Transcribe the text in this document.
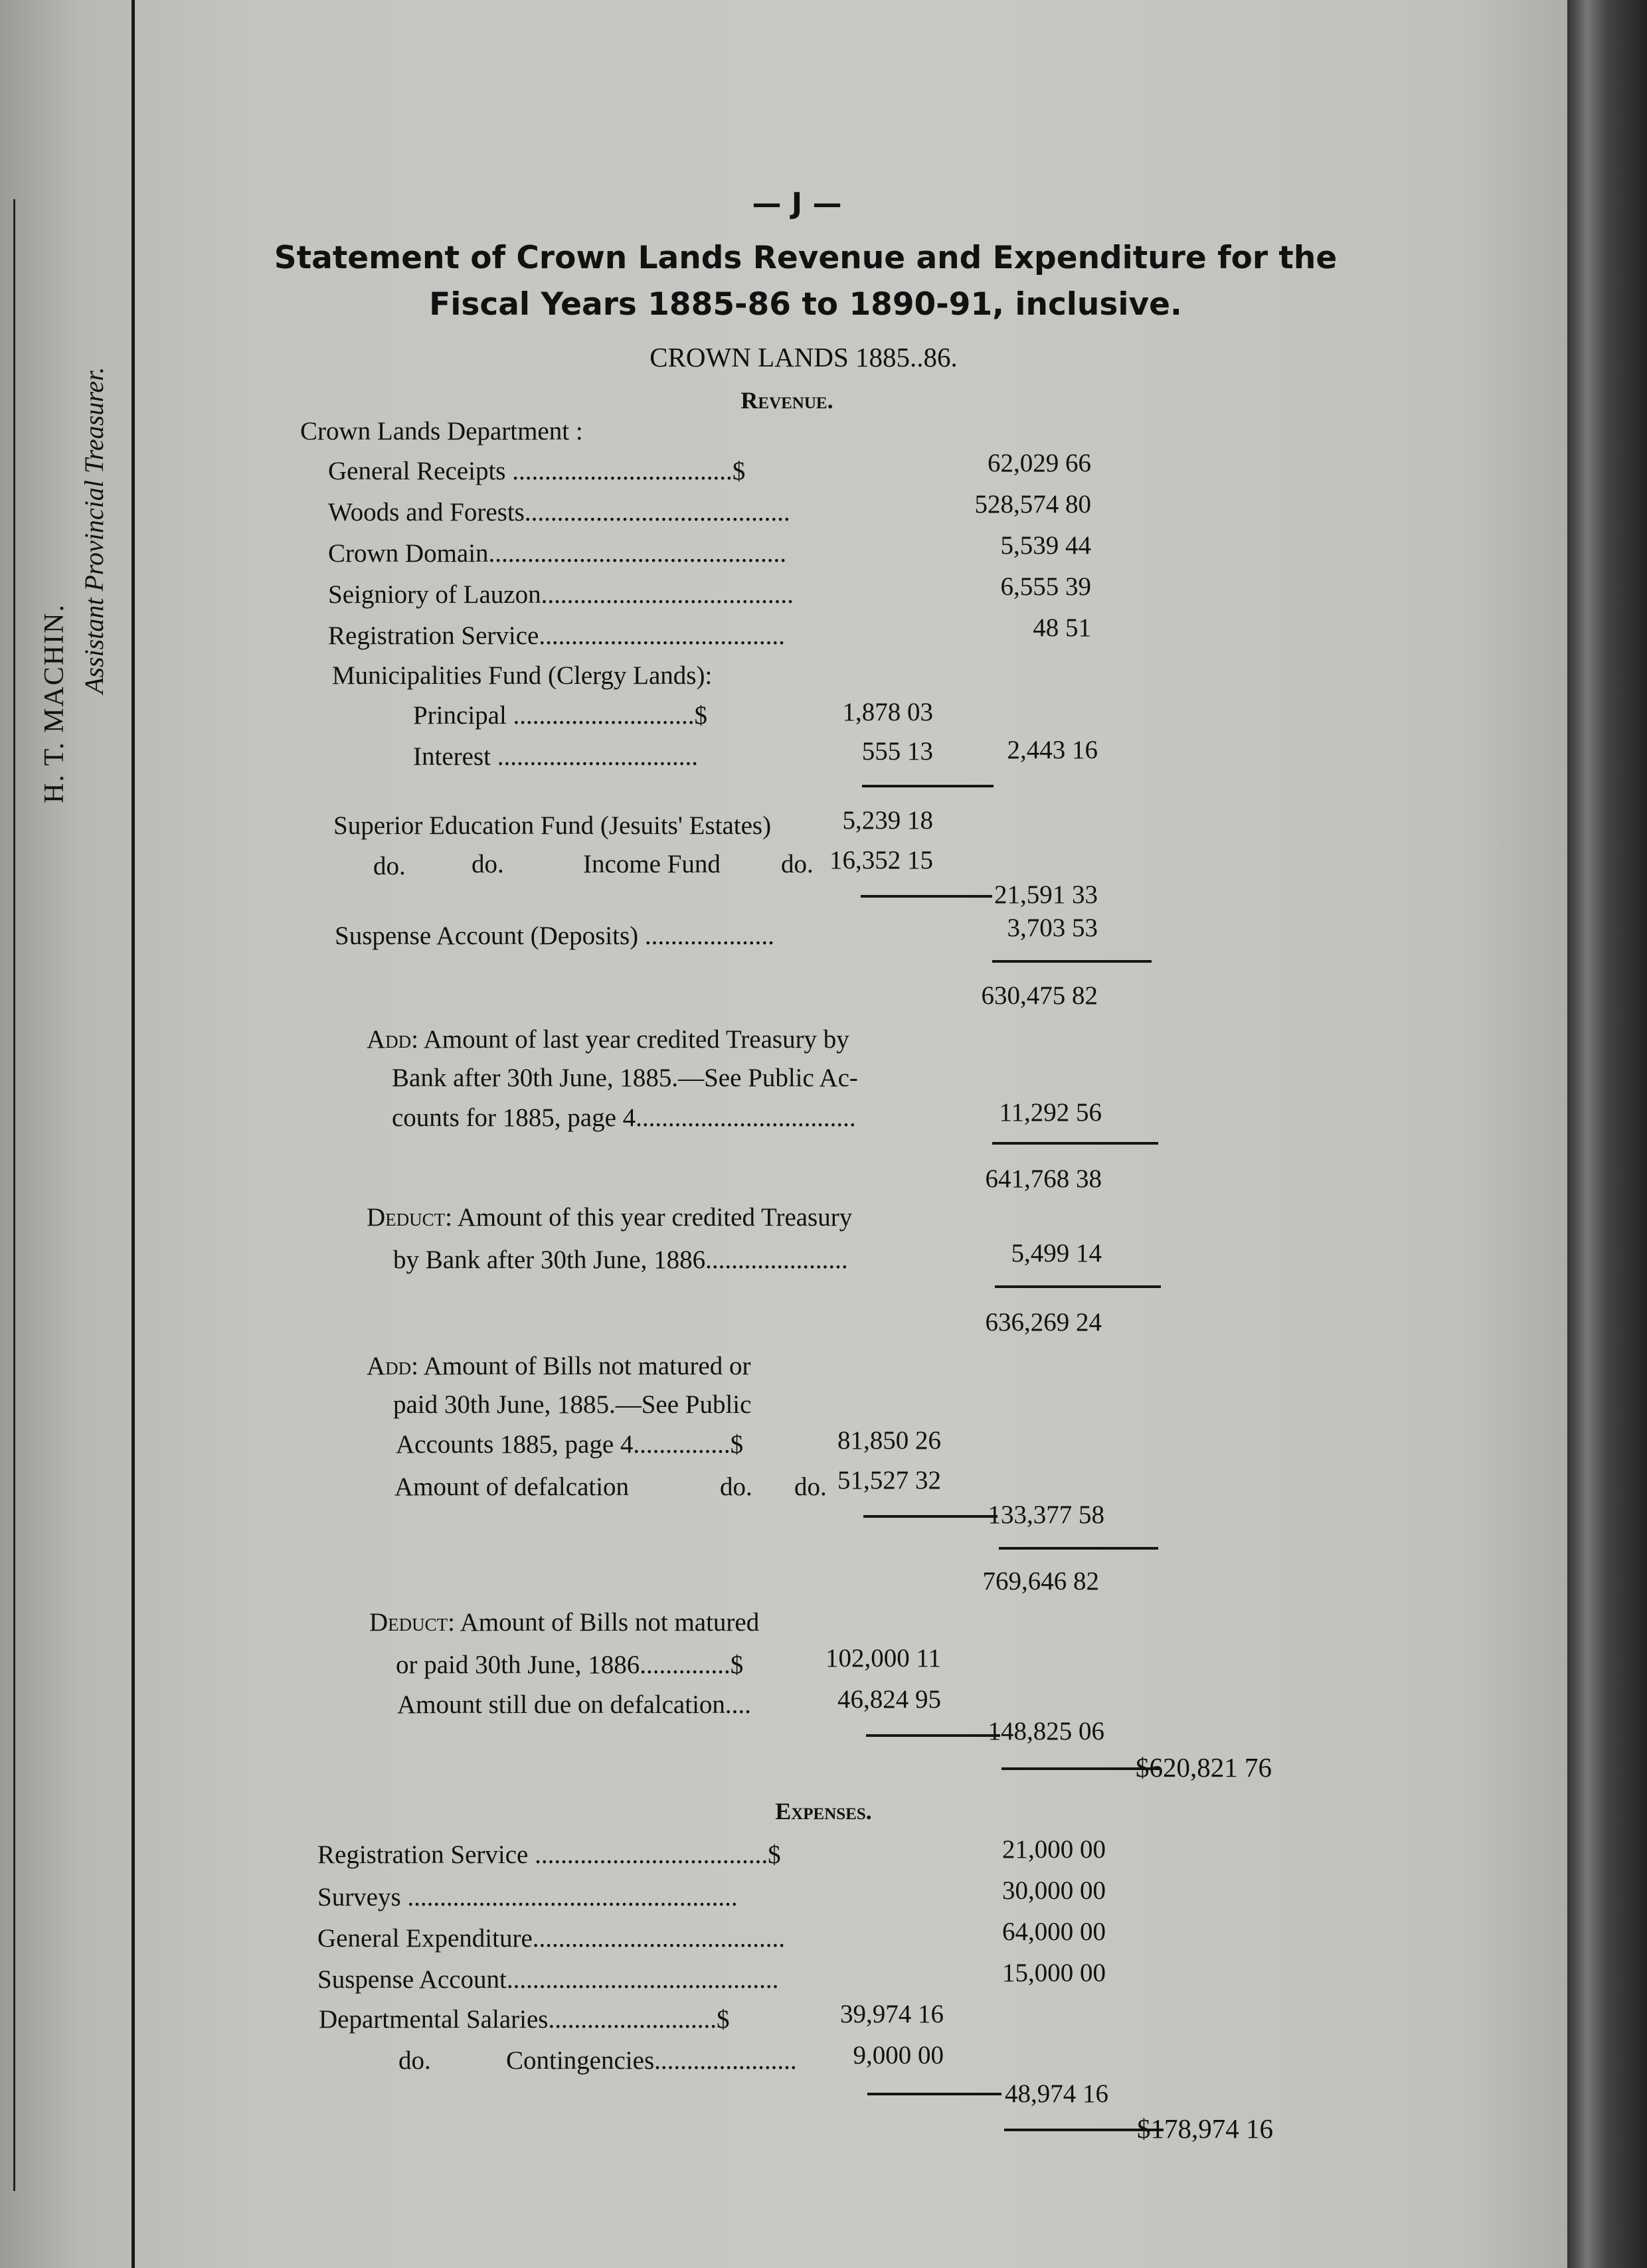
H. T. MACHIN.
Assistant Provincial Treasurer.
— J —
Statement of Crown Lands Revenue and Expenditure for the
Fiscal Years 1885-86 to 1890-91, inclusive.
CROWN LANDS 1885..86.
Revenue.
Crown Lands Department :
General Receipts ..................................$	62,029 66
Woods and Forests.........................................	528,574 80
Crown Domain..............................................	5,539 44
Seigniory of Lauzon.......................................	6,555 39
Registration Service......................................	48 51
Municipalities Fund (Clergy Lands):
Principal ............................$	1,878 03
Interest ...............................	555 13	2,443 16
Superior Education Fund (Jesuits' Estates)	5,239 18
do.	do.	Income Fund do. 16,352 15
21,591 33
Suspense Account (Deposits) ....................	3,703 53
630,475 82
Add: Amount of last year credited Treasury by
Bank after 30th June, 1885.—See Public Ac-
counts for 1885, page 4..................................	11,292 56
641,768 38
Deduct: Amount of this year credited Treasury
by Bank after 30th June, 1886......................	5,499 14
636,269 24
Add: Amount of Bills not matured or
paid 30th June, 1885.—See Public
Accounts 1885, page 4...............$	81,850 26
Amount of defalcation	do. do. 51,527 32
133,377 58
769,646 82
Deduct: Amount of Bills not matured
or paid 30th June, 1886..............$	102,000 11
Amount still due on defalcation....	46,824 95
148,825 06
$620,821 76
Expenses.
Registration Service ....................................$	21,000 00
Surveys ...................................................	30,000 00
General Expenditure.......................................	64,000 00
Suspense Account..........................................	15,000 00
Departmental Salaries..........................$	39,974 16
do.	Contingencies...................... 9,000 00
48,974 16
$178,974 16
